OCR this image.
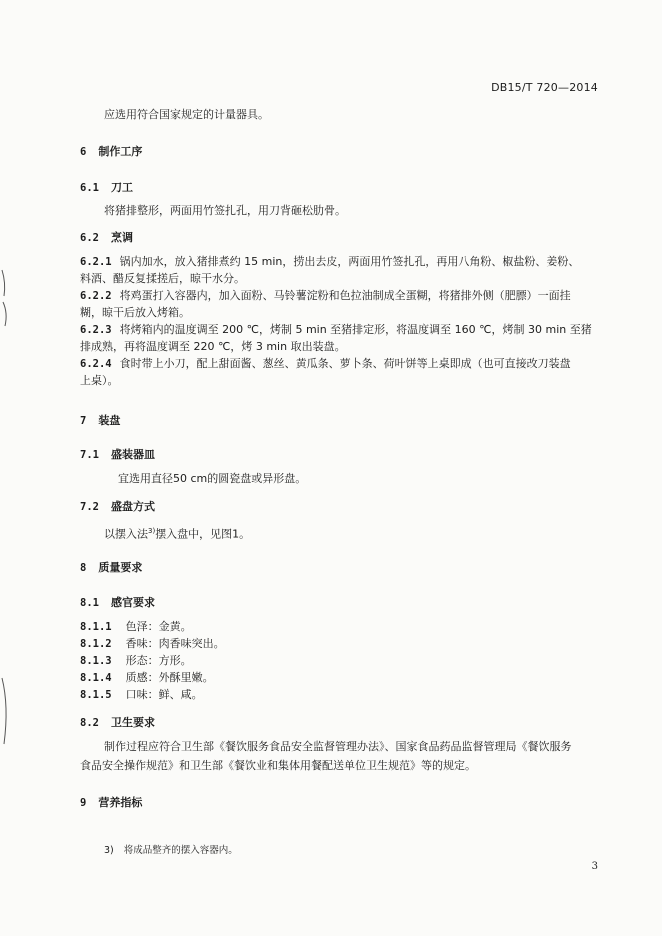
DB15/T 720—2014
应选用符合国家规定的计量器具。
6 制作工序
6.1 刀工
将猪排整形，两面用竹签扎孔，用刀背砸松肋骨。
6.2 烹调
6.2.1 锅内加水，放入猪排煮约 15 min，捞出去皮，两面用竹签扎孔，再用八角粉、椒盐粉、姜粉、
料酒、醋反复揉搓后，晾干水分。
6.2.2 将鸡蛋打入容器内，加入面粉、马铃薯淀粉和色拉油制成全蛋糊，将猪排外侧（肥膘）一面挂
糊，晾干后放入烤箱。
6.2.3 将烤箱内的温度调至 200 ℃，烤制 5 min 至猪排定形，将温度调至 160 ℃，烤制 30 min 至猪
排成熟，再将温度调至 220 ℃，烤 3 min 取出装盘。
6.2.4 食时带上小刀，配上甜面酱、葱丝、黄瓜条、萝卜条、荷叶饼等上桌即成（也可直接改刀装盘
上桌）。
7 装盘
7.1 盛装器皿
宜选用直径50 cm的圆瓷盘或异形盘。
7.2 盛盘方式
以摆入法$^{3)}$摆入盘中，见图1。
8 质量要求
8.1 感官要求
8.1.1 色泽：金黄。
8.1.2 香味：肉香味突出。
8.1.3 形态：方形。
8.1.4 质感：外酥里嫩。
8.1.5 口味：鲜、咸。
8.2 卫生要求
制作过程应符合卫生部《餐饮服务食品安全监督管理办法》、国家食品药品监督管理局《餐饮服务
食品安全操作规范》和卫生部《餐饮业和集体用餐配送单位卫生规范》等的规定。
9 营养指标
3) 将成品整齐的摆入容器内。
3
